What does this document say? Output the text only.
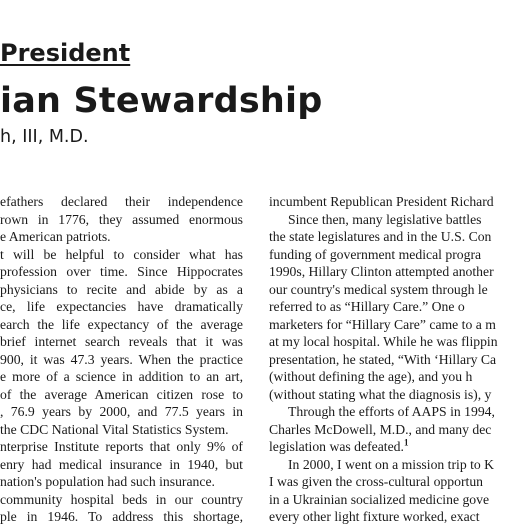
President
ian Stewardship
h, III, M.D.
efathers declared their independence
rown in 1776, they assumed enormous
e American patriots.
t will be helpful to consider what has
profession over time. Since Hippocrates
physicians to recite and abide by as a
ce, life expectancies have dramatically
earch the life expectancy of the average
brief internet search reveals that it was
900, it was 47.3 years. When the practice
e more of a science in addition to an art,
of the average American citizen rose to
, 76.9 years by 2000, and 77.5 years in
the CDC National Vital Statistics System.
nterprise Institute reports that only 9% of
enry had medical insurance in 1940, but
nation's population had such insurance.
community hospital beds in our country
ple in 1946. To address this shortage,
incumbent Republican President Richard
Since then, many legislative battles
the state legislatures and in the U.S. Con
funding of government medical progra
1990s, Hillary Clinton attempted another
our country's medical system through le
referred to as “Hillary Care.” One o
marketers for “Hillary Care” came to a m
at my local hospital. While he was flippin
presentation, he stated, “With ‘Hillary Ca
(without defining the age), and you h
(without stating what the diagnosis is), y
Through the efforts of AAPS in 1994,
Charles McDowell, M.D., and many dec
legislation was defeated.$^1$
In 2000, I went on a mission trip to K
I was given the cross-cultural opportun
in a Ukrainian socialized medicine gove
every other light fixture worked, exact
